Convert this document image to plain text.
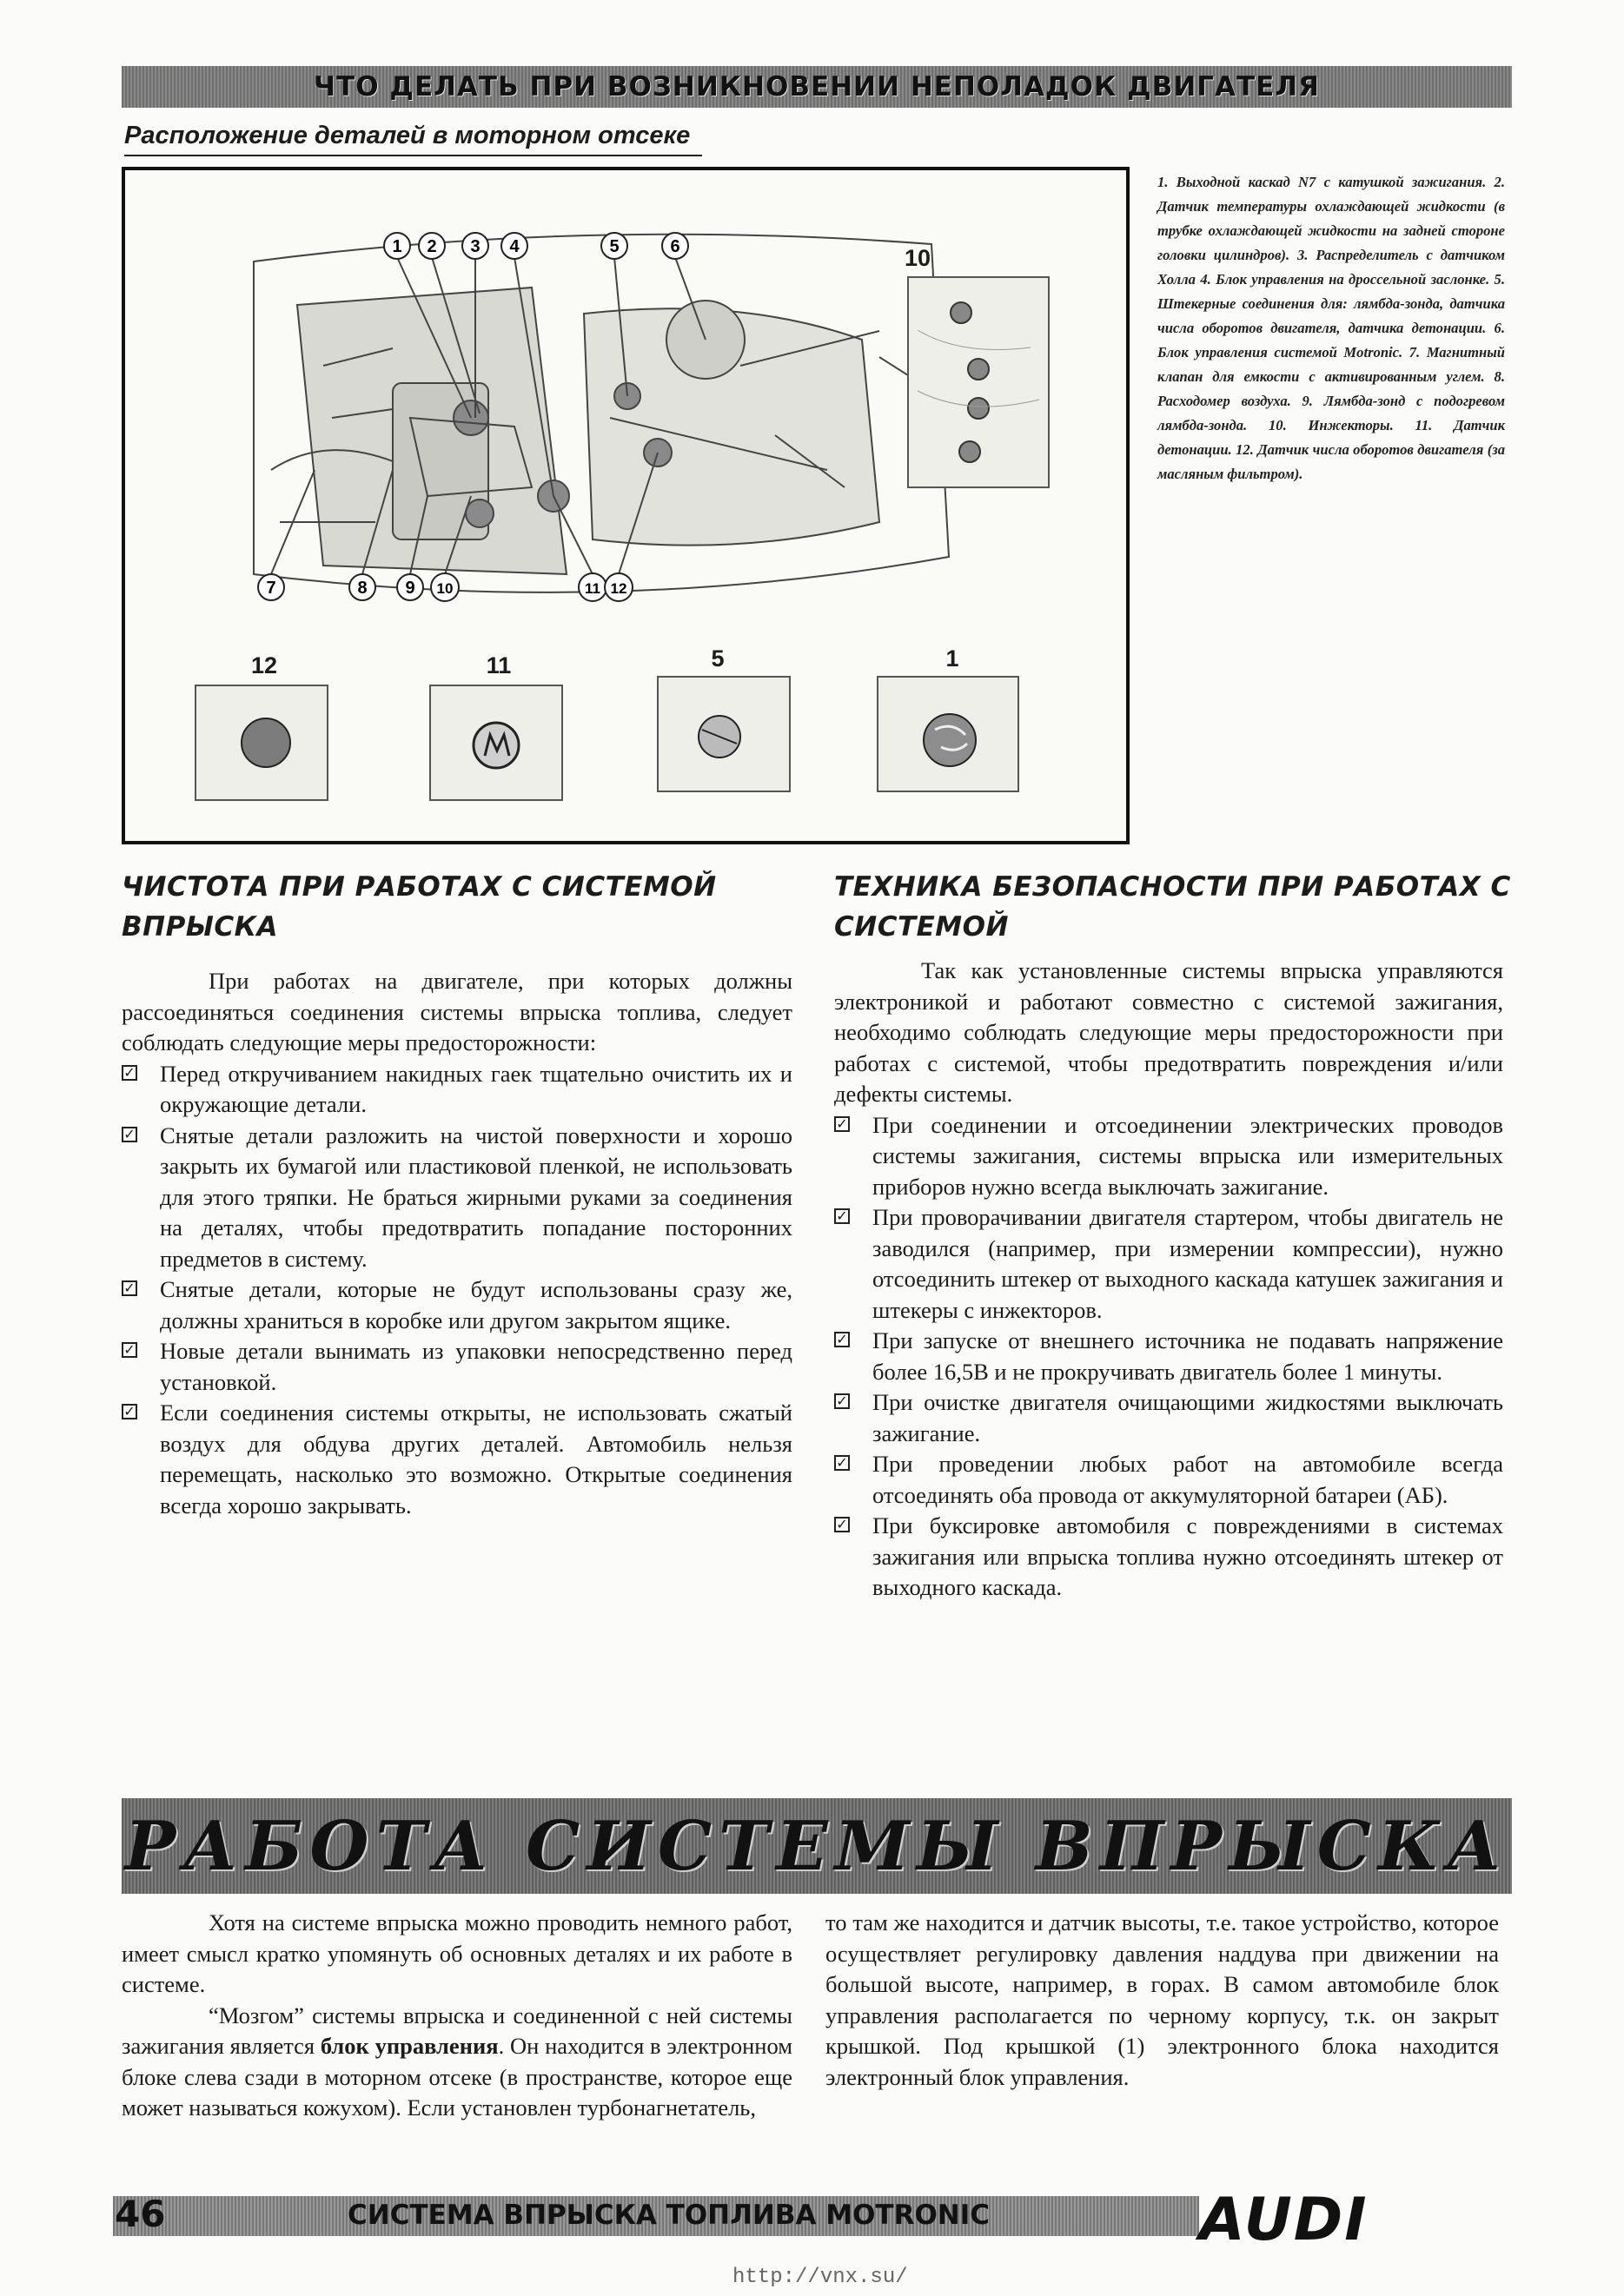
ЧТО ДЕЛАТЬ ПРИ ВОЗНИКНОВЕНИИ НЕПОЛАДОК ДВИГАТЕЛЯ
Расположение деталей в моторном отсеке
1 2 3 4	5	6
7	8 9 10	11 12
10
12	11	5	1
1. Выходной каскад N7 с катушкой зажигания. 2. Датчик температуры охлаждающей жидкости (в трубке охлаждающей жидкости на задней стороне головки цилиндров). 3. Распределитель с датчиком Холла 4. Блок управления на дроссельной заслонке. 5. Штекерные соединения для: лямбда-зонда, датчика числа оборотов двигателя, датчика детонации. 6. Блок управления системой Motronic. 7. Магнитный клапан для емкости с активированным углем. 8. Расходомер воздуха. 9. Лямбда-зонд с подогревом лямбда-зонда. 10. Инжекторы. 11. Датчик детонации. 12. Датчик числа оборотов двигателя (за масляным фильтром).
ЧИСТОТА ПРИ РАБОТАХ С СИСТЕМОЙ ВПРЫСКА

При работах на двигателе, при которых должны рассоединяться соединения системы впрыска топлива, следует соблюдать следующие меры предосторожности:

✓ Перед откручиванием накидных гаек тщательно очистить их и окружающие детали.
✓ Снятые детали разложить на чистой поверхности и хорошо закрыть их бумагой или пластиковой пленкой, не использовать для этого тряпки. Не браться жирными руками за соединения на деталях, чтобы предотвратить попадание посторонних предметов в систему.
✓ Снятые детали, которые не будут использованы сразу же, должны храниться в коробке или другом закрытом ящике.
✓ Новые детали вынимать из упаковки непосредственно перед установкой.
✓ Если соединения системы открыты, не использовать сжатый воздух для обдува других деталей. Автомобиль нельзя перемещать, насколько это возможно. Открытые соединения всегда хорошо закрывать.
ТЕХНИКА БЕЗОПАСНОСТИ ПРИ РАБОТАХ С СИСТЕМОЙ

Так как установленные системы впрыска управляются электроникой и работают совместно с системой зажигания, необходимо соблюдать следующие меры предосторожности при работах с системой, чтобы предотвратить повреждения и/или дефекты системы.

✓ При соединении и отсоединении электрических проводов системы зажигания, системы впрыска или измерительных приборов нужно всегда выключать зажигание.
✓ При проворачивании двигателя стартером, чтобы двигатель не заводился (например, при измерении компрессии), нужно отсоединить штекер от выходного каскада катушек зажигания и штекеры с инжекторов.
✓ При запуске от внешнего источника не подавать напряжение более 16,5В и не прокручивать двигатель более 1 минуты.
✓ При очистке двигателя очищающими жидкостями выключать зажигание.
✓ При проведении любых работ на автомобиле всегда отсоединять оба провода от аккумуляторной батареи (АБ).
✓ При буксировке автомобиля с повреждениями в системах зажигания или впрыска топлива нужно отсоединять штекер от выходного каскада.
РАБОТА СИСТЕМЫ ВПРЫСКА

Хотя на системе впрыска можно проводить немного работ, имеет смысл кратко упомянуть об основных деталях и их работе в системе.

“Мозгом” системы впрыска и соединенной с ней системы зажигания является блок управления. Он находится в электронном блоке слева сзади в моторном отсеке (в пространстве, которое еще может называться кожухом). Если установлен турбонагнетатель,

то там же находится и датчик высоты, т.е. такое устройство, которое осуществляет регулировку давления наддува при движении на большой высоте, например, в горах. В самом автомобиле блок управления располагается по черному корпусу, т.к. он закрыт крышкой. Под крышкой (1) электронного блока находится электронный блок управления.

46	СИСТЕМА ВПРЫСКА ТОПЛИВА MOTRONIC	AUDI
http://vnx.su/
